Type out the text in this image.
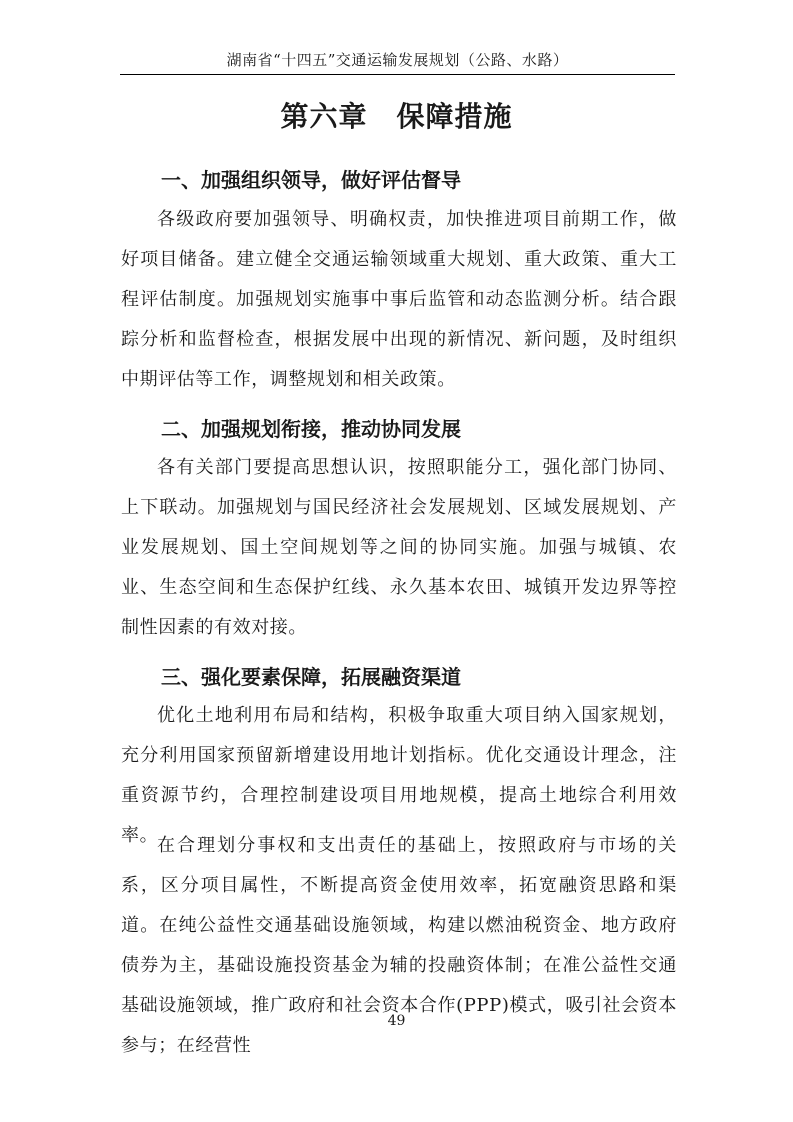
湖南省“十四五”交通运输发展规划（公路、水路）
第六章　保障措施
一、加强组织领导，做好评估督导

各级政府要加强领导、明确权责，加快推进项目前期工作，做好项目储备。建立健全交通运输领域重大规划、重大政策、重大工程评估制度。加强规划实施事中事后监管和动态监测分析。结合跟踪分析和监督检查，根据发展中出现的新情况、新问题，及时组织中期评估等工作，调整规划和相关政策。

二、加强规划衔接，推动协同发展

各有关部门要提高思想认识，按照职能分工，强化部门协同、上下联动。加强规划与国民经济社会发展规划、区域发展规划、产业发展规划、国土空间规划等之间的协同实施。加强与城镇、农业、生态空间和生态保护红线、永久基本农田、城镇开发边界等控制性因素的有效对接。

三、强化要素保障，拓展融资渠道

优化土地利用布局和结构，积极争取重大项目纳入国家规划，充分利用国家预留新增建设用地计划指标。优化交通设计理念，注重资源节约，合理控制建设项目用地规模，提高土地综合利用效率。

在合理划分事权和支出责任的基础上，按照政府与市场的关系，区分项目属性，不断提高资金使用效率，拓宽融资思路和渠道。在纯公益性交通基础设施领域，构建以燃油税资金、地方政府债券为主，基础设施投资基金为辅的投融资体制；在准公益性交通基础设施领域，推广政府和社会资本合作(PPP)模式，吸引社会资本参与；在经营性

49
